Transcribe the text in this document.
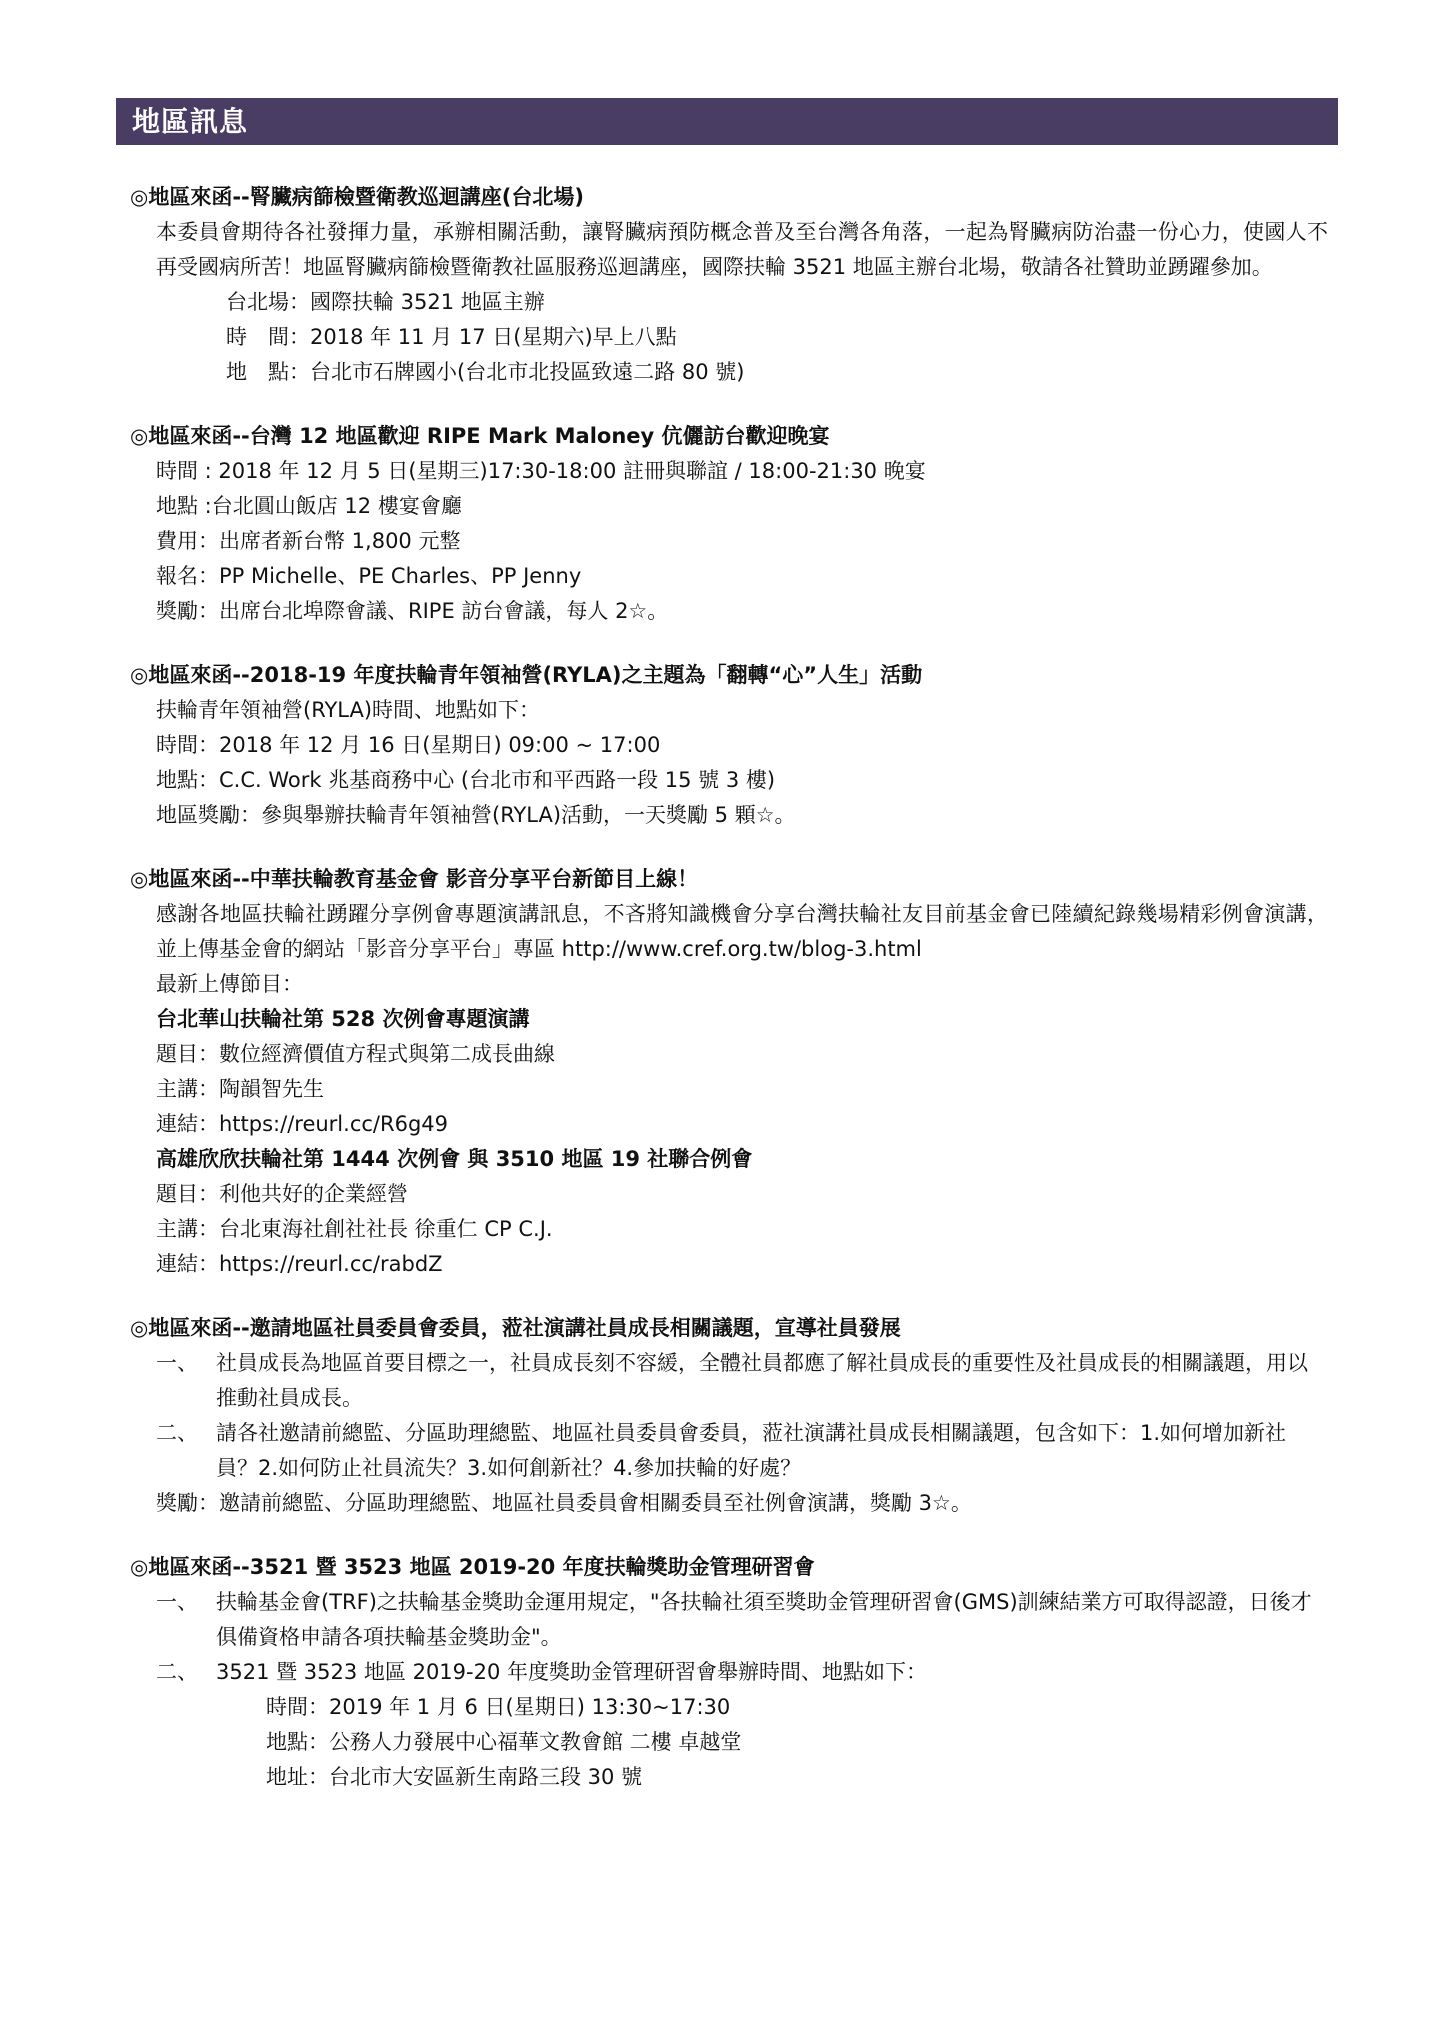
地區訊息
◎地區來函--腎臟病篩檢暨衛教巡迴講座(台北場)
本委員會期待各社發揮力量，承辦相關活動，讓腎臟病預防概念普及至台灣各角落，一起為腎臟病防治盡一份心力，使國人不再受國病所苦！地區腎臟病篩檢暨衛教社區服務巡迴講座，國際扶輪 3521 地區主辦台北場，敬請各社贊助並踴躍參加。
台北場：國際扶輪 3521 地區主辦
時　間：2018 年 11 月 17 日(星期六)早上八點
地　點：台北市石牌國小(台北市北投區致遠二路 80 號)
◎地區來函--台灣 12 地區歡迎 RIPE Mark Maloney 伉儷訪台歡迎晚宴
時間 : 2018 年 12 月 5 日(星期三)17:30-18:00 註冊與聯誼 / 18:00-21:30 晚宴
地點 :台北圓山飯店 12 樓宴會廳
費用：出席者新台幣 1,800 元整
報名：PP Michelle、PE Charles、PP Jenny
獎勵：出席台北埠際會議、RIPE 訪台會議，每人 2☆。
◎地區來函--2018-19 年度扶輪青年領袖營(RYLA)之主題為「翻轉“心”人生」活動
扶輪青年領袖營(RYLA)時間、地點如下：
時間：2018 年 12 月 16 日(星期日) 09:00 ~ 17:00
地點：C.C. Work 兆基商務中心 (台北市和平西路一段 15 號 3 樓)
地區獎勵：參與舉辦扶輪青年領袖營(RYLA)活動，一天獎勵 5 顆☆。
◎地區來函--中華扶輪教育基金會 影音分享平台新節目上線！
感謝各地區扶輪社踴躍分享例會專題演講訊息，不吝將知識機會分享台灣扶輪社友目前基金會已陸續紀錄幾場精彩例會演講，並上傳基金會的網站「影音分享平台」專區 http://www.cref.org.tw/blog-3.html
最新上傳節目：
台北華山扶輪社第 528 次例會專題演講
題目：數位經濟價值方程式與第二成長曲線
主講：陶韻智先生
連結：https://reurl.cc/R6g49
高雄欣欣扶輪社第 1444 次例會 與 3510 地區 19 社聯合例會
題目：利他共好的企業經營
主講：台北東海社創社社長 徐重仁 CP C.J.
連結：https://reurl.cc/rabdZ
◎地區來函--邀請地區社員委員會委員，蒞社演講社員成長相關議題，宣導社員發展
一、 社員成長為地區首要目標之一，社員成長刻不容緩，全體社員都應了解社員成長的重要性及社員成長的相關議題，用以推動社員成長。
二、 請各社邀請前總監、分區助理總監、地區社員委員會委員，蒞社演講社員成長相關議題，包含如下：1.如何增加新社員？2.如何防止社員流失？3.如何創新社？4.參加扶輪的好處？
獎勵：邀請前總監、分區助理總監、地區社員委員會相關委員至社例會演講，獎勵 3☆。
◎地區來函--3521 暨 3523 地區 2019-20 年度扶輪獎助金管理研習會
一、 扶輪基金會(TRF)之扶輪基金獎助金運用規定，"各扶輪社須至獎助金管理研習會(GMS)訓練結業方可取得認證，日後才俱備資格申請各項扶輪基金獎助金"。
二、 3521 暨 3523 地區 2019-20 年度獎助金管理研習會舉辦時間、地點如下：
時間：2019 年 1 月 6 日(星期日) 13:30~17:30
地點：公務人力發展中心福華文教會館 二樓 卓越堂
地址：台北市大安區新生南路三段 30 號
